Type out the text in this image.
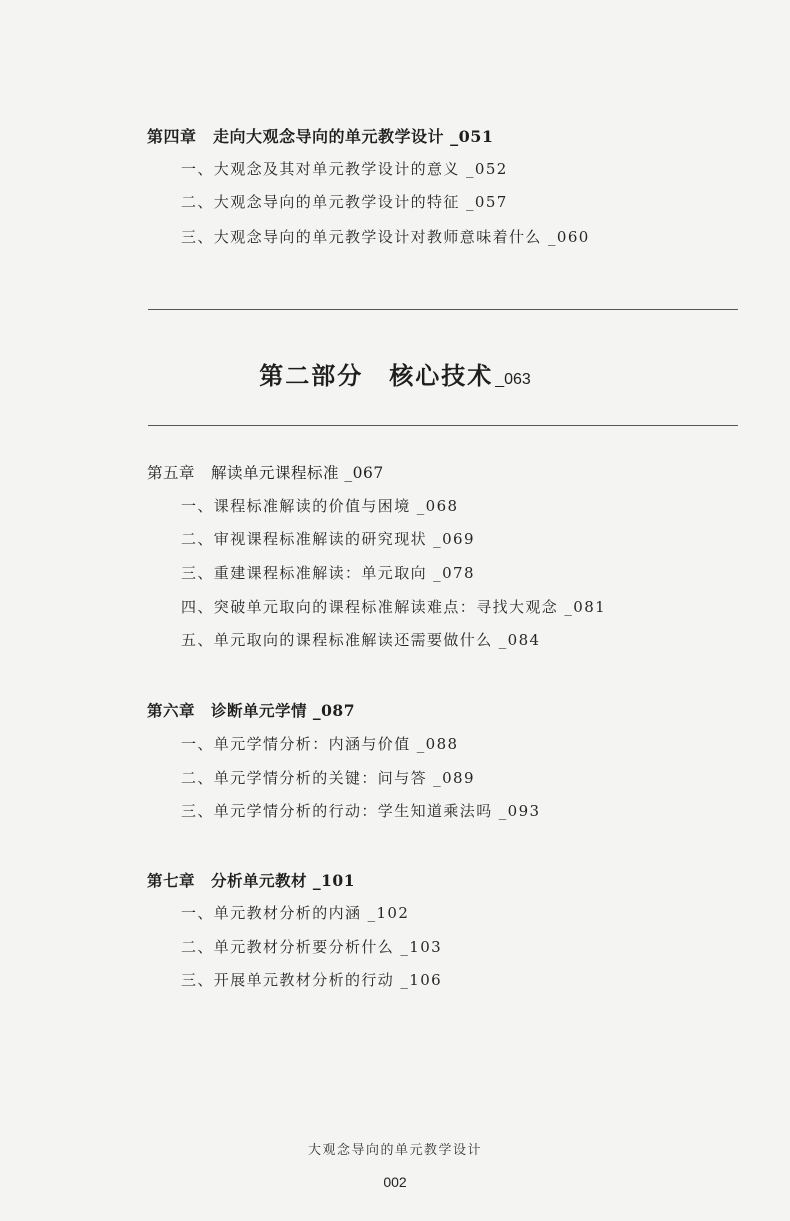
第四章　走向大观念导向的单元教学设计 _051
一、大观念及其对单元教学设计的意义 _052
二、大观念导向的单元教学设计的特征 _057
三、大观念导向的单元教学设计对教师意味着什么 _060
第二部分　核心技术 _063
第五章　解读单元课程标准 _067
一、课程标准解读的价值与困境 _068
二、审视课程标准解读的研究现状 _069
三、重建课程标准解读：单元取向 _078
四、突破单元取向的课程标准解读难点：寻找大观念 _081
五、单元取向的课程标准解读还需要做什么 _084
第六章　诊断单元学情 _087
一、单元学情分析：内涵与价值 _088
二、单元学情分析的关键：问与答 _089
三、单元学情分析的行动：学生知道乘法吗 _093
第七章　分析单元教材 _101
一、单元教材分析的内涵 _102
二、单元教材分析要分析什么 _103
三、开展单元教材分析的行动 _106
大观念导向的单元教学设计
002
